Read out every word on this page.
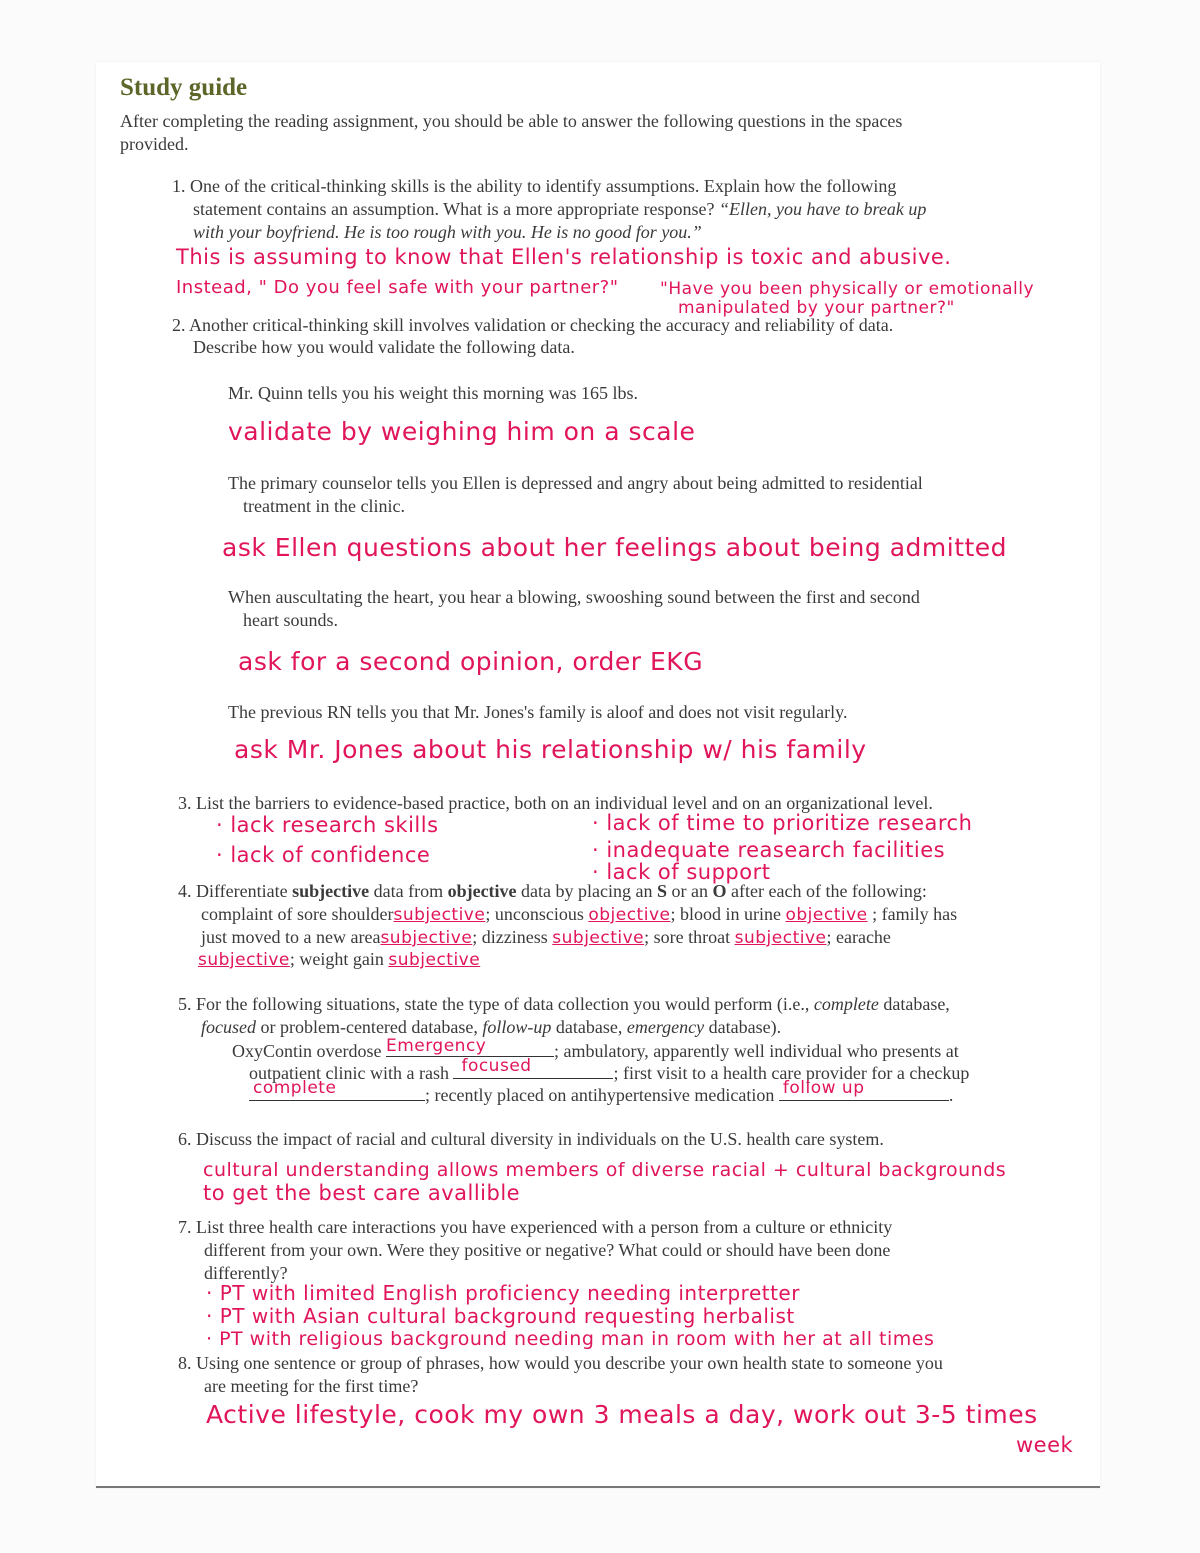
Study guide
After completing the reading assignment, you should be able to answer the following questions in the spaces
provided.
1. One of the critical-thinking skills is the ability to identify assumptions. Explain how the following
statement contains an assumption. What is a more appropriate response? “Ellen, you have to break up
with your boyfriend. He is too rough with you. He is no good for you.”
This is assuming to know that Ellen's relationship is toxic and abusive.
Instead, " Do you feel safe with your partner?" "Have you been physically or emotionally
manipulated by your partner?"
2. Another critical-thinking skill involves validation or checking the accuracy and reliability of data.
Describe how you would validate the following data.
Mr. Quinn tells you his weight this morning was 165 lbs.
validate by weighing him on a scale
The primary counselor tells you Ellen is depressed and angry about being admitted to residential
treatment in the clinic.
ask Ellen questions about her feelings about being admitted
When auscultating the heart, you hear a blowing, swooshing sound between the first and second
heart sounds.
ask for a second opinion, order EKG
The previous RN tells you that Mr. Jones's family is aloof and does not visit regularly.
ask Mr. Jones about his relationship w/ his family
3. List the barriers to evidence-based practice, both on an individual level and on an organizational level.
· lack research skills
· lack of confidence
· lack of time to prioritize research
· inadequate reasearch facilities
· lack of support
4. Differentiate subjective data from objective data by placing an S or an O after each of the following:
complaint of sore shouldersubjective; unconscious objective; blood in urine objective ; family has
just moved to a new areasubjective; dizziness subjective; sore throat subjective; earache
subjective; weight gain subjective
5. For the following situations, state the type of data collection you would perform (i.e., complete database,
focused or problem-centered database, follow-up database, emergency database).
OxyContin overdose Emergency	; ambulatory, apparently well individual who presents at
outpatient clinic with a rash focused	; first visit to a health care provider for a checkup
complete	; recently placed on antihypertensive medication follow up	.
6. Discuss the impact of racial and cultural diversity in individuals on the U.S. health care system.
cultural understanding allows members of diverse racial + cultural backgrounds
to get the best care avallible
7. List three health care interactions you have experienced with a person from a culture or ethnicity
different from your own. Were they positive or negative? What could or should have been done
differently?
· PT with limited English proficiency needing interpretter
· PT with Asian cultural background requesting herbalist
· PT with religious background needing man in room with her at all times
8. Using one sentence or group of phrases, how would you describe your own health state to someone you
are meeting for the first time?
Active lifestyle, cook my own 3 meals a day, work out 3-5 times
week
